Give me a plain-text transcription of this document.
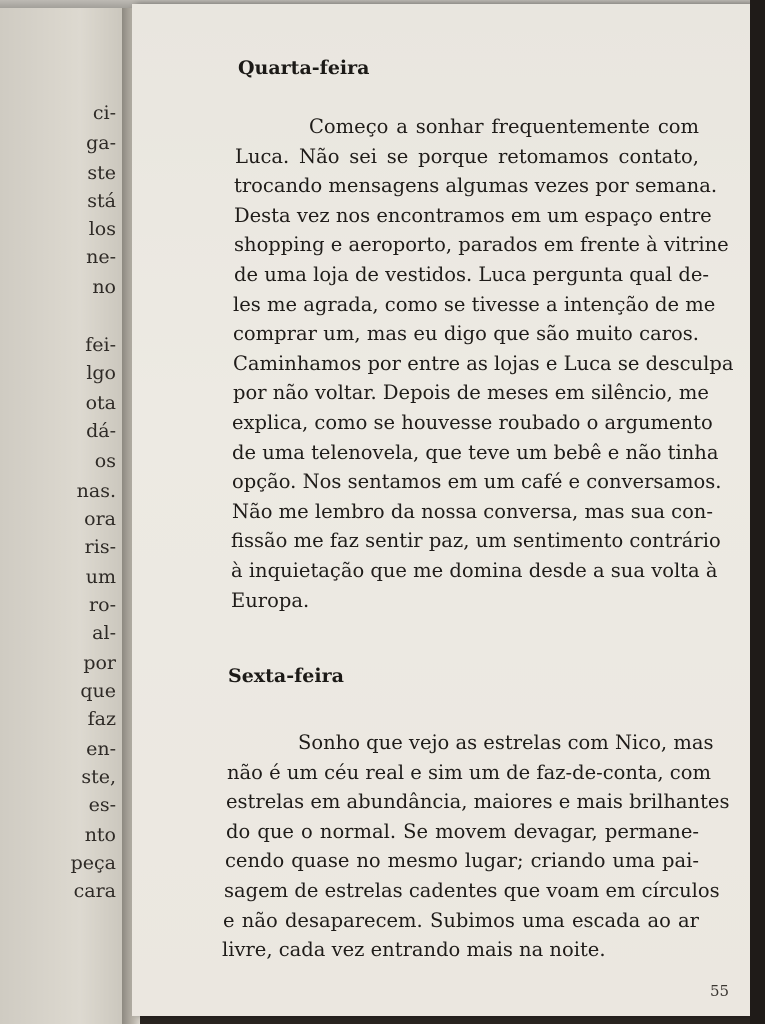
ci-
ga-
ste
stá
los
ne-
no
fei-
lgo
ota
dá-
os
nas.
ora
ris-
um
ro-
al-
por
que
faz
en-
ste,
es-
nto
peça
cara
Quarta-feira
Sexta-feira
55
Começo a sonhar frequentemente com
Luca. Não sei se porque retomamos contato,
trocando mensagens algumas vezes por semana.
Desta vez nos encontramos em um espaço entre
shopping e aeroporto, parados em frente à vitrine
de uma loja de vestidos. Luca pergunta qual de-
les me agrada, como se tivesse a intenção de me
comprar um, mas eu digo que são muito caros.
Caminhamos por entre as lojas e Luca se desculpa
por não voltar. Depois de meses em silêncio, me
explica, como se houvesse roubado o argumento
de uma telenovela, que teve um bebê e não tinha
opção. Nos sentamos em um café e conversamos.
Não me lembro da nossa conversa, mas sua con-
fissão me faz sentir paz, um sentimento contrário
à inquietação que me domina desde a sua volta à
Europa.
Sonho que vejo as estrelas com Nico, mas
não é um céu real e sim um de faz-de-conta, com
estrelas em abundância, maiores e mais brilhantes
do que o normal. Se movem devagar, permane-
cendo quase no mesmo lugar; criando uma pai-
sagem de estrelas cadentes que voam em círculos
e não desaparecem. Subimos uma escada ao ar
livre, cada vez entrando mais na noite.
